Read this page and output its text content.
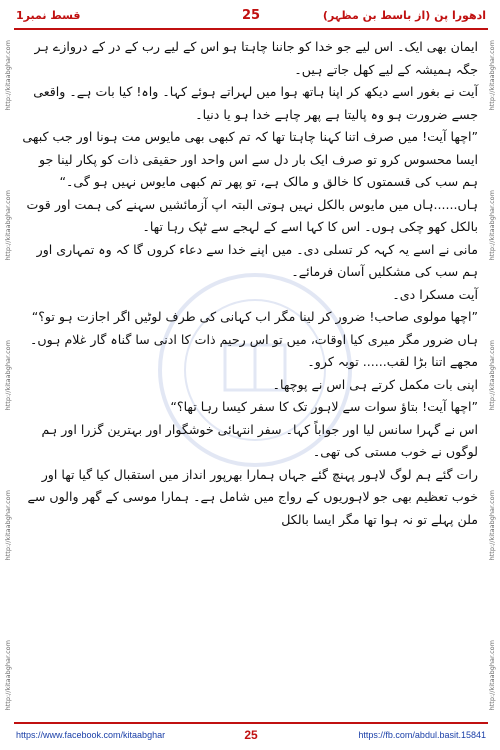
قسط نمبر1	25	ادھورا پن (از باسط بن مظہر)
http://kitaabghar.com
http://kitaabghar.com
http://kitaabghar.com
http://kitaabghar.com
http://kitaabghar.com
http://kitaabghar.com
http://kitaabghar.com
http://kitaabghar.com
http://kitaabghar.com
http://kitaabghar.com

ایمان بھی ایک۔ اس لیے جو خدا کو جاننا چاہتا ہو اس کے لیے رب کے در کے دروازے ہر جگہ ہمیشہ کے لیے کھل جاتے ہیں۔

آیت نے بغور اسے دیکھ کر اپنا ہاتھ ہوا میں لہراتے ہوئے کہا۔ واہ! کیا بات ہے۔ واقعی جسے ضرورت ہو وہ پالیتا ہے پھر چاہے خدا ہو یا دنیا۔

”اچھا آیت! میں صرف اتنا کہنا چاہتا تھا کہ تم کبھی بھی مایوس مت ہونا اور جب کبھی ایسا محسوس کرو تو صرف ایک بار دل سے اس واحد اور حقیقی ذات کو پکار لینا جو ہم سب کی قسمتوں کا خالق و مالک ہے، تو پھر تم کبھی مایوس نہیں ہو گی۔“

ہاں......ہاں میں مایوس بالکل نہیں ہوتی البتہ اپ آزمائشیں سہنے کی ہمت اور قوت بالکل کھو چکی ہوں۔ اس کا کہا اسے کے لہجے سے ٹپک رہا تھا۔

مانی نے اسے یہ کہہ کر تسلی دی۔ میں اپنے خدا سے دعاء کروں گا کہ وہ تمہاری اور ہم سب کی مشکلیں آسان فرمائے۔

آیت مسکرا دی۔

”اچھا مولوی صاحب! ضرور کر لینا مگر اب کہانی کی طرف لوٹیں اگر اجازت ہو تو؟“

ہاں ضرور مگر میری کیا اوقات، میں تو اس رحیم ذات کا ادنی سا گناہ گار غلام ہوں۔ مجھے اتنا بڑا لقب...... توبہ کرو۔

اپنی بات مکمل کرتے ہی اس نے پوچھا۔

”اچھا آیت! بتاؤ سوات سے لاہور تک کا سفر کیسا رہا تھا؟“

اس نے گہرا سانس لیا اور جواباً کہا۔ سفر انتہائی خوشگوار اور بہترین گزرا اور ہم لوگوں نے خوب مستی کی تھی۔

رات گئے ہم لوگ لاہور پہنچ گئے جہاں ہمارا بھرپور انداز میں استقبال کیا گیا تھا اور خوب تعظیم بھی جو لاہوریوں کے رواج میں شامل ہے۔ ہمارا موسی کے گھر والوں سے ملن پہلے تو نہ ہوا تھا مگر ایسا بالکل

https://www.facebook.com/kitaabghar	25	https://fb.com/abdul.basit.15841
